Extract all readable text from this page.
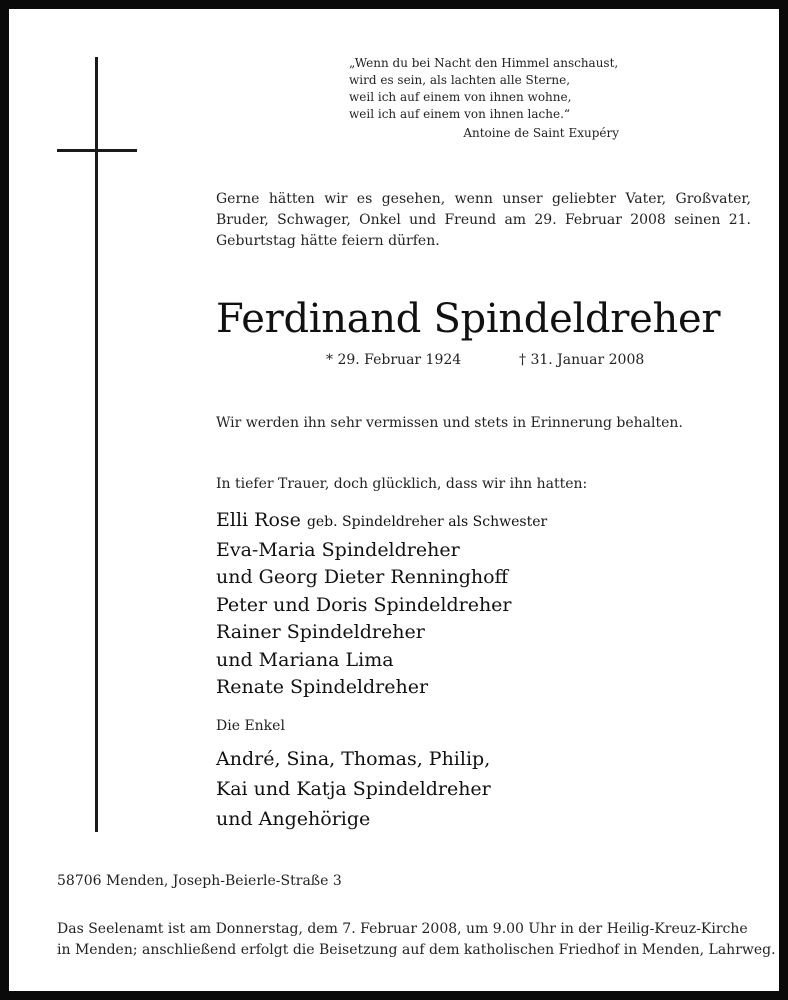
„Wenn du bei Nacht den Himmel anschaust,
wird es sein, als lachten alle Sterne,
weil ich auf einem von ihnen wohne,
weil ich auf einem von ihnen lache.“
Antoine de Saint Exupéry
Gerne hätten wir es gesehen, wenn unser geliebter Vater, Großvater, Bruder, Schwager, Onkel und Freund am 29. Februar 2008 seinen 21. Geburtstag hätte feiern dürfen.
Ferdinand Spindeldreher
* 29. Februar 1924	† 31. Januar 2008
Wir werden ihn sehr vermissen und stets in Erinnerung behalten.
In tiefer Trauer, doch glücklich, dass wir ihn hatten:
Elli Rose geb. Spindeldreher als Schwester
Eva-Maria Spindeldreher
und Georg Dieter Renninghoff
Peter und Doris Spindeldreher
Rainer Spindeldreher
und Mariana Lima
Renate Spindeldreher
Die Enkel
André, Sina, Thomas, Philip,
Kai und Katja Spindeldreher
und Angehörige
58706 Menden, Joseph-Beierle-Straße 3
Das Seelenamt ist am Donnerstag, dem 7. Februar 2008, um 9.00 Uhr in der Heilig-Kreuz-Kirche
in Menden; anschließend erfolgt die Beisetzung auf dem katholischen Friedhof in Menden, Lahrweg.
